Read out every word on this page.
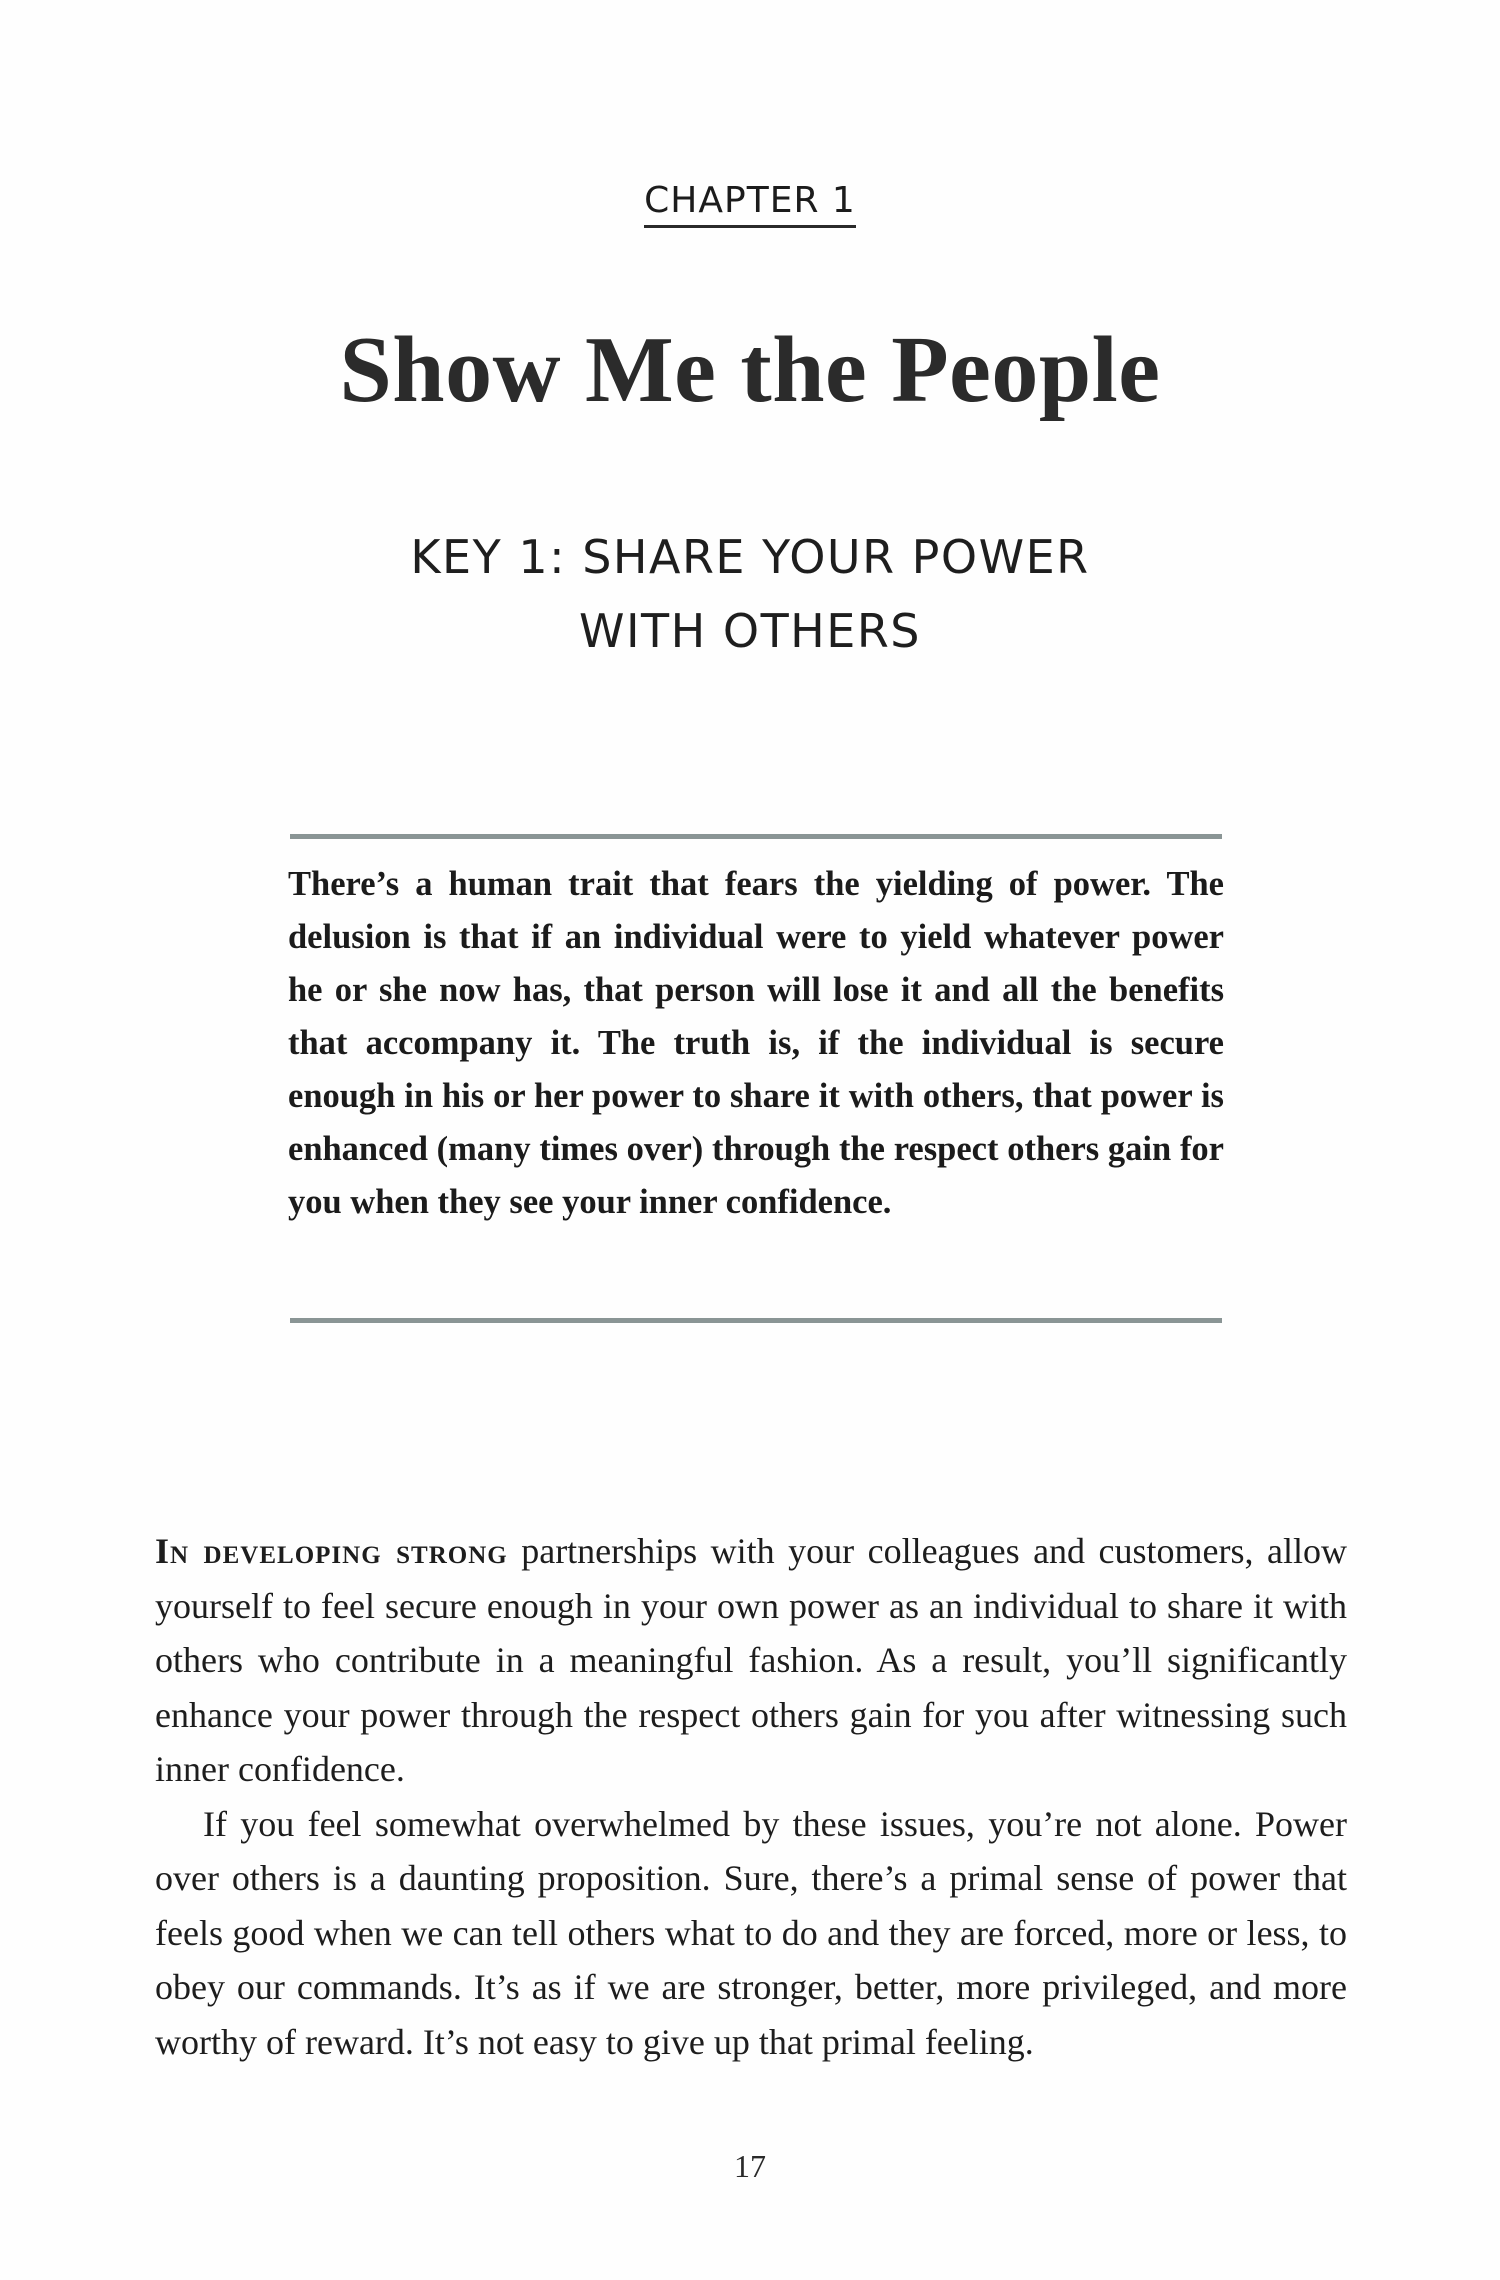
CHAPTER 1
Show Me the People
KEY 1: SHARE YOUR POWER
WITH OTHERS
There’s a human trait that fears the yielding of power. The delusion is that if an individual were to yield whatever power he or she now has, that person will lose it and all the benefits that accompany it. The truth is, if the individual is secure enough in his or her power to share it with others, that power is enhanced (many times over) through the respect others gain for you when they see your inner confidence.

In developing strong partnerships with your colleagues and customers, allow yourself to feel secure enough in your own power as an individual to share it with others who contribute in a meaningful fashion. As a result, you’ll significantly enhance your power through the respect others gain for you after witnessing such inner confidence.

If you feel somewhat overwhelmed by these issues, you’re not alone. Power over others is a daunting proposition. Sure, there’s a primal sense of power that feels good when we can tell others what to do and they are forced, more or less, to obey our commands. It’s as if we are stronger, better, more privileged, and more worthy of reward. It’s not easy to give up that primal feeling.

17
